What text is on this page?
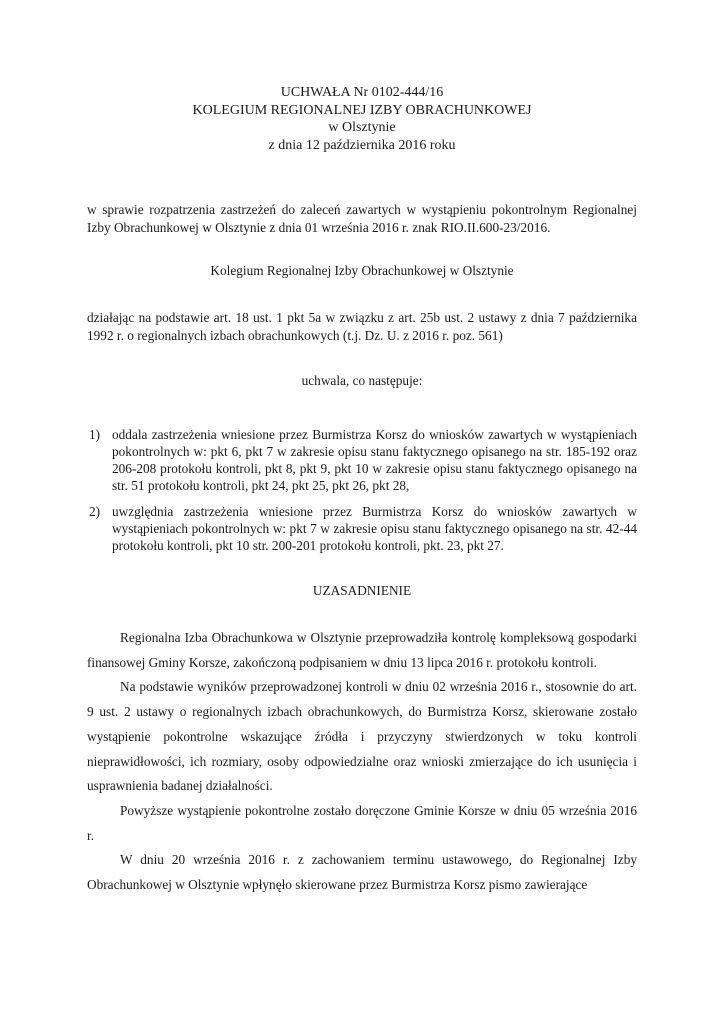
UCHWAŁA Nr 0102-444/16
KOLEGIUM REGIONALNEJ IZBY OBRACHUNKOWEJ
w Olsztynie
z dnia 12 października 2016 roku
w sprawie rozpatrzenia zastrzeżeń do zaleceń zawartych w wystąpieniu pokontrolnym Regionalnej Izby Obrachunkowej w Olsztynie z dnia 01 września 2016 r. znak RIO.II.600-23/2016.
Kolegium Regionalnej Izby Obrachunkowej w Olsztynie
działając na podstawie art. 18 ust. 1 pkt 5a w związku z art. 25b ust. 2 ustawy z dnia 7 października 1992 r. o regionalnych izbach obrachunkowych (t.j. Dz. U. z 2016 r. poz. 561)
uchwala, co następuje:
1) oddala zastrzeżenia wniesione przez Burmistrza Korsz do wniosków zawartych w wystąpieniach pokontrolnych w: pkt 6, pkt 7 w zakresie opisu stanu faktycznego opisanego na str. 185-192 oraz 206-208 protokołu kontroli, pkt 8, pkt 9, pkt 10 w zakresie opisu stanu faktycznego opisanego na str. 51 protokołu kontroli, pkt 24, pkt 25, pkt 26, pkt 28,
2) uwzględnia zastrzeżenia wniesione przez Burmistrza Korsz do wniosków zawartych w wystąpieniach pokontrolnych w: pkt 7 w zakresie opisu stanu faktycznego opisanego na str. 42-44 protokołu kontroli, pkt 10 str. 200-201 protokołu kontroli, pkt. 23, pkt 27.
UZASADNIENIE

Regionalna Izba Obrachunkowa w Olsztynie przeprowadziła kontrolę kompleksową gospodarki finansowej Gminy Korsze, zakończoną podpisaniem w dniu 13 lipca 2016 r. protokołu kontroli.

Na podstawie wyników przeprowadzonej kontroli w dniu 02 września 2016 r., stosownie do art. 9 ust. 2 ustawy o regionalnych izbach obrachunkowych, do Burmistrza Korsz, skierowane zostało wystąpienie pokontrolne wskazujące źródła i przyczyny stwierdzonych w toku kontroli nieprawidłowości, ich rozmiary, osoby odpowiedzialne oraz wnioski zmierzające do ich usunięcia i usprawnienia badanej działalności.

Powyższe wystąpienie pokontrolne zostało doręczone Gminie Korsze w dniu 05 września 2016 r.

W dniu 20 września 2016 r. z zachowaniem terminu ustawowego, do Regionalnej Izby Obrachunkowej w Olsztynie wpłynęło skierowane przez Burmistrza Korsz pismo zawierające
